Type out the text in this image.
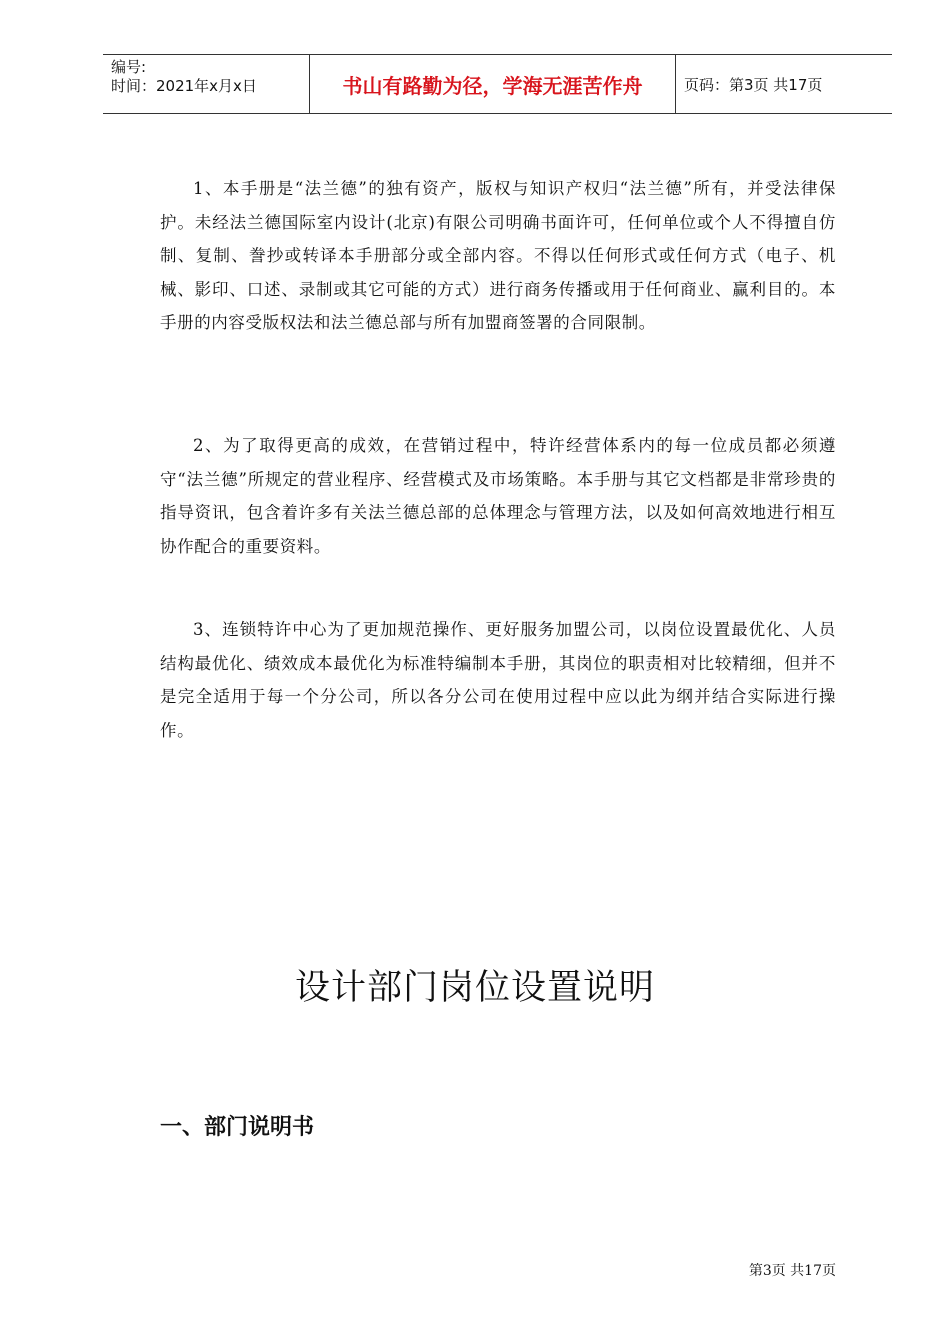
编号:
时间：2021年x月x日	书山有路勤为径，学海无涯苦作舟	页码：第3页 共17页

1、本手册是“法兰德”的独有资产，版权与知识产权归“法兰德”所有，并受法律保护。未经法兰德国际室内设计(北京)有限公司明确书面许可，任何单位或个人不得擅自仿制、复制、誊抄或转译本手册部分或全部内容。不得以任何形式或任何方式（电子、机械、影印、口述、录制或其它可能的方式）进行商务传播或用于任何商业、赢利目的。本手册的内容受版权法和法兰德总部与所有加盟商签署的合同限制。

2、为了取得更高的成效，在营销过程中，特许经营体系内的每一位成员都必须遵守“法兰德”所规定的营业程序、经营模式及市场策略。本手册与其它文档都是非常珍贵的指导资讯，包含着许多有关法兰德总部的总体理念与管理方法，以及如何高效地进行相互协作配合的重要资料。

3、连锁特许中心为了更加规范操作、更好服务加盟公司，以岗位设置最优化、人员结构最优化、绩效成本最优化为标准特编制本手册，其岗位的职责相对比较精细，但并不是完全适用于每一个分公司，所以各分公司在使用过程中应以此为纲并结合实际进行操作。

设计部门岗位设置说明
一、部门说明书
第3页 共17页
